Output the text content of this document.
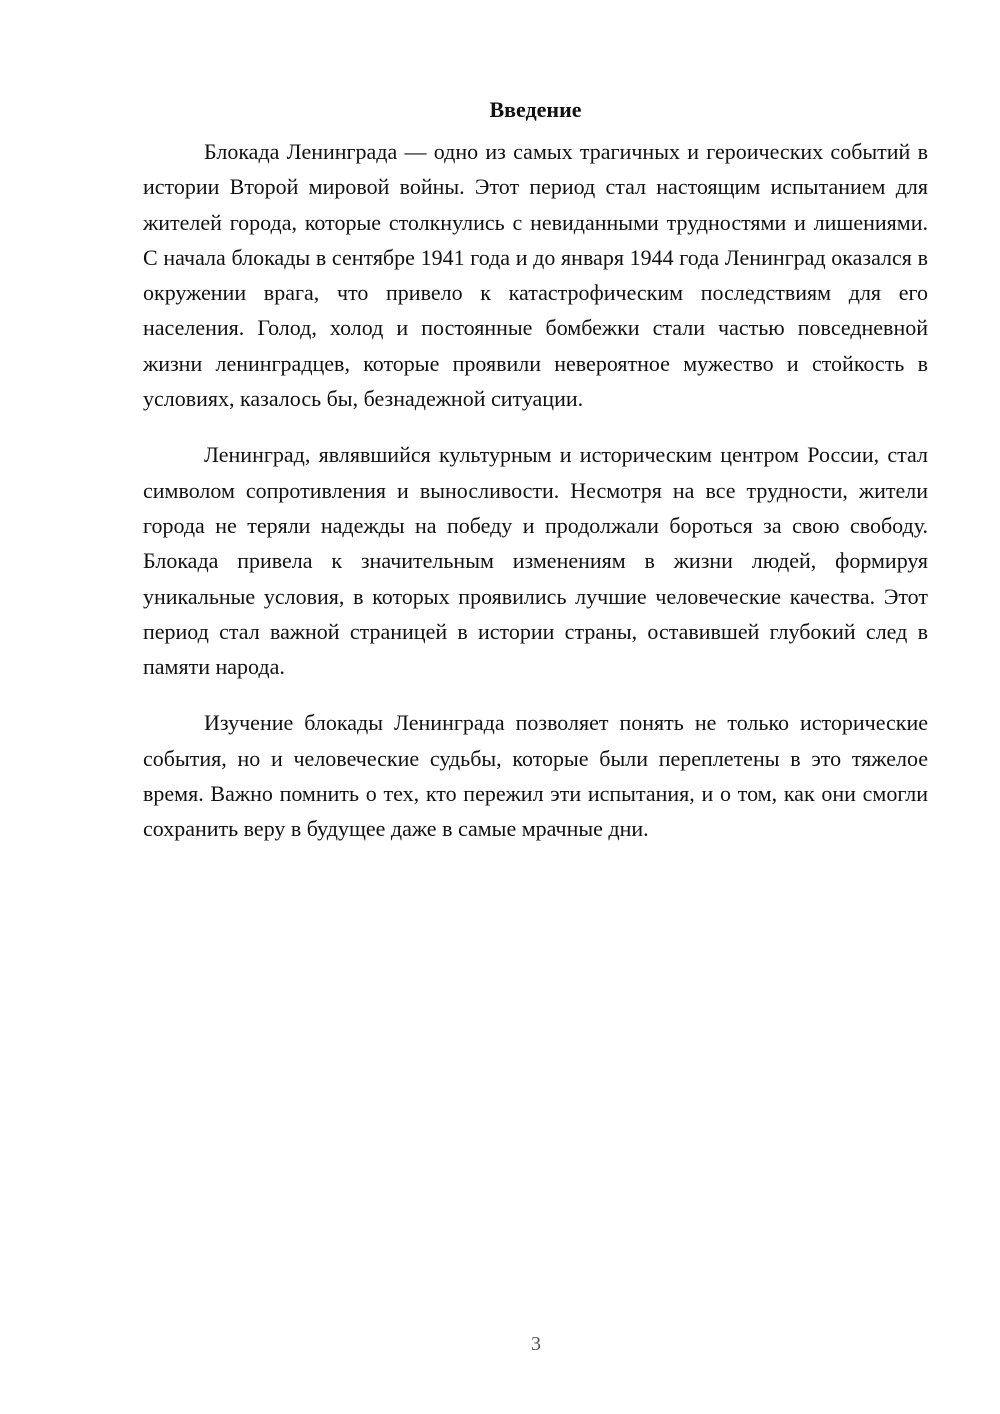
Введение

Блокада Ленинграда — одно из самых трагичных и героических событий в истории Второй мировой войны. Этот период стал настоящим испытанием для жителей города, которые столкнулись с невиданными трудностями и лишениями. С начала блокады в сентябре 1941 года и до января 1944 года Ленинград оказался в окружении врага, что привело к катастрофическим последствиям для его населения. Голод, холод и постоянные бомбежки стали частью повседневной жизни ленинградцев, которые проявили невероятное мужество и стойкость в условиях, казалось бы, безнадежной ситуации.

Ленинград, являвшийся культурным и историческим центром России, стал символом сопротивления и выносливости. Несмотря на все трудности, жители города не теряли надежды на победу и продолжали бороться за свою свободу. Блокада привела к значительным изменениям в жизни людей, формируя уникальные условия, в которых проявились лучшие человеческие качества. Этот период стал важной страницей в истории страны, оставившей глубокий след в памяти народа.

Изучение блокады Ленинграда позволяет понять не только исторические события, но и человеческие судьбы, которые были переплетены в это тяжелое время. Важно помнить о тех, кто пережил эти испытания, и о том, как они смогли сохранить веру в будущее даже в самые мрачные дни.

3
